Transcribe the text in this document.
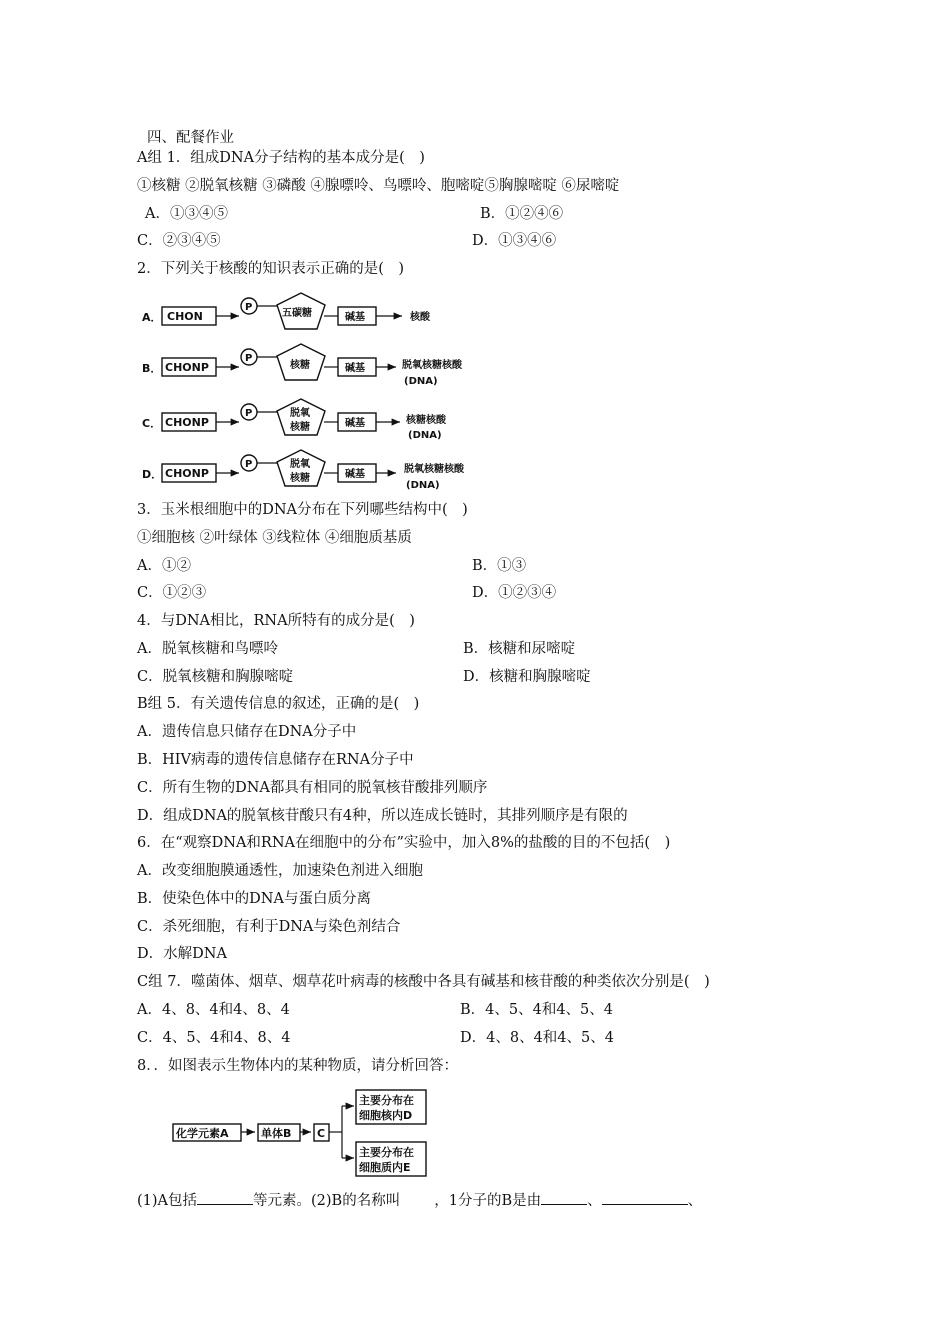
四、配餐作业
A组 1．组成DNA分子结构的基本成分是(　)
①核糖 ②脱氧核糖 ③磷酸 ④腺嘌呤、鸟嘌呤、胞嘧啶⑤胸腺嘧啶 ⑥尿嘧啶
A．①③④⑤	B．①②④⑥
C．②③④⑤	D．①③④⑥
2．下列关于核酸的知识表示正确的是(　)
A． CHON
P
五碳糖	碱基	核酸
B． CHONP
P
核糖	碱基	脱氧核糖核酸
(DNA)
C． CHONP
P	脱氧
核糖	碱基	核糖核酸
(DNA)
D． CHONP
P	脱氧
核糖	碱基	脱氧核糖核酸
(DNA)
3．玉米根细胞中的DNA分布在下列哪些结构中(　)
①细胞核 ②叶绿体 ③线粒体 ④细胞质基质
A．①②	B．①③
C．①②③	D．①②③④
4．与DNA相比，RNA所特有的成分是(　)
A．脱氧核糖和鸟嘌呤	B．核糖和尿嘧啶
C．脱氧核糖和胸腺嘧啶	D．核糖和胸腺嘧啶
B组 5．有关遗传信息的叙述，正确的是(　)
A．遗传信息只储存在DNA分子中
B．HIV病毒的遗传信息储存在RNA分子中
C．所有生物的DNA都具有相同的脱氧核苷酸排列顺序
D．组成DNA的脱氧核苷酸只有4种，所以连成长链时，其排列顺序是有限的
6．在“观察DNA和RNA在细胞中的分布”实验中，加入8%的盐酸的目的不包括(　)
A．改变细胞膜通透性，加速染色剂进入细胞
B．使染色体中的DNA与蛋白质分离
C．杀死细胞，有利于DNA与染色剂结合
D．水解DNA
C组 7．噬菌体、烟草、烟草花叶病毒的核酸中各具有碱基和核苷酸的种类依次分别是(　)
A．4、8、4和4、8、4	B．4、5、4和4、5、4
C．4、5、4和4、8、4	D．4、8、4和4、5、4
8．．如图表示生物体内的某种物质，请分析回答：
化学元素A	单体B C
主要分布在
细胞核内D
主要分布在
细胞质内E
(1)A包括	等元素。(2)B的名称叫 ，1分子的B是由	、	、
